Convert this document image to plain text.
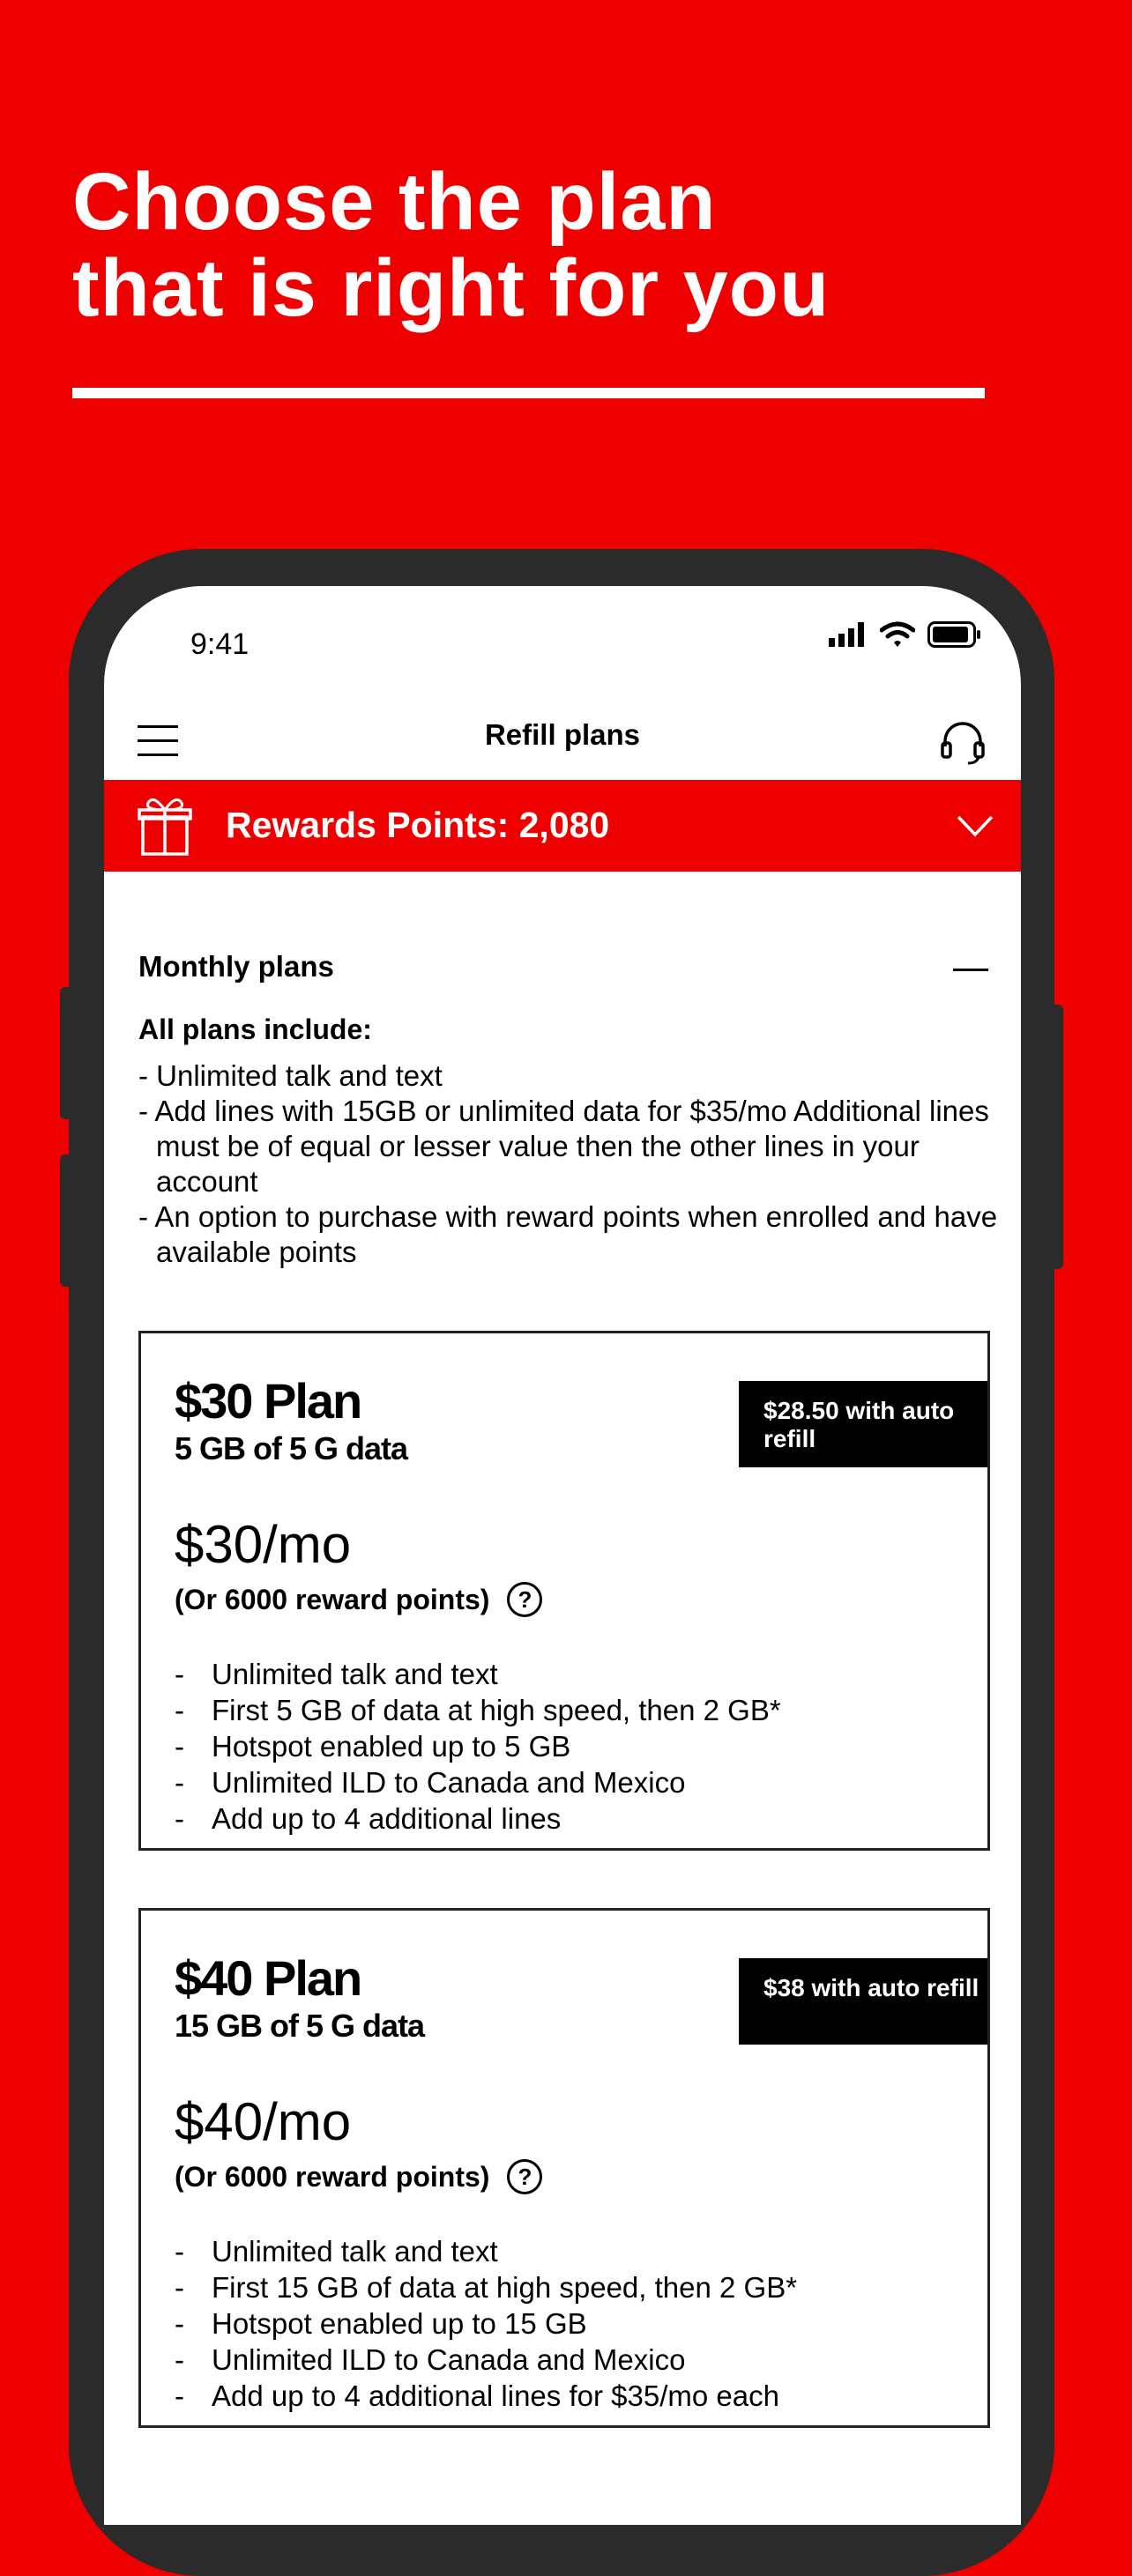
Choose the plan
that is right for you
9:41
Refill plans
Rewards Points: 2,080
Monthly plans
All plans include:
- Unlimited talk and text
- Add lines with 15GB or unlimited data for $35/mo Additional lines must be of equal or lesser value then the other lines in your account
- An option to purchase with reward points when enrolled and have available points
$30 Plan
5 GB of 5 G data
$28.50 with auto refill
$30/mo
(Or 6000 reward points)	?
- Unlimited talk and text
- First 5 GB of data at high speed, then 2 GB*
- Hotspot enabled up to 5 GB
- Unlimited ILD to Canada and Mexico
- Add up to 4 additional lines
$40 Plan
15 GB of 5 G data
$38 with auto refill
$40/mo
(Or 6000 reward points)	?
- Unlimited talk and text
- First 15 GB of data at high speed, then 2 GB*
- Hotspot enabled up to 15 GB
- Unlimited ILD to Canada and Mexico
- Add up to 4 additional lines for $35/mo each
